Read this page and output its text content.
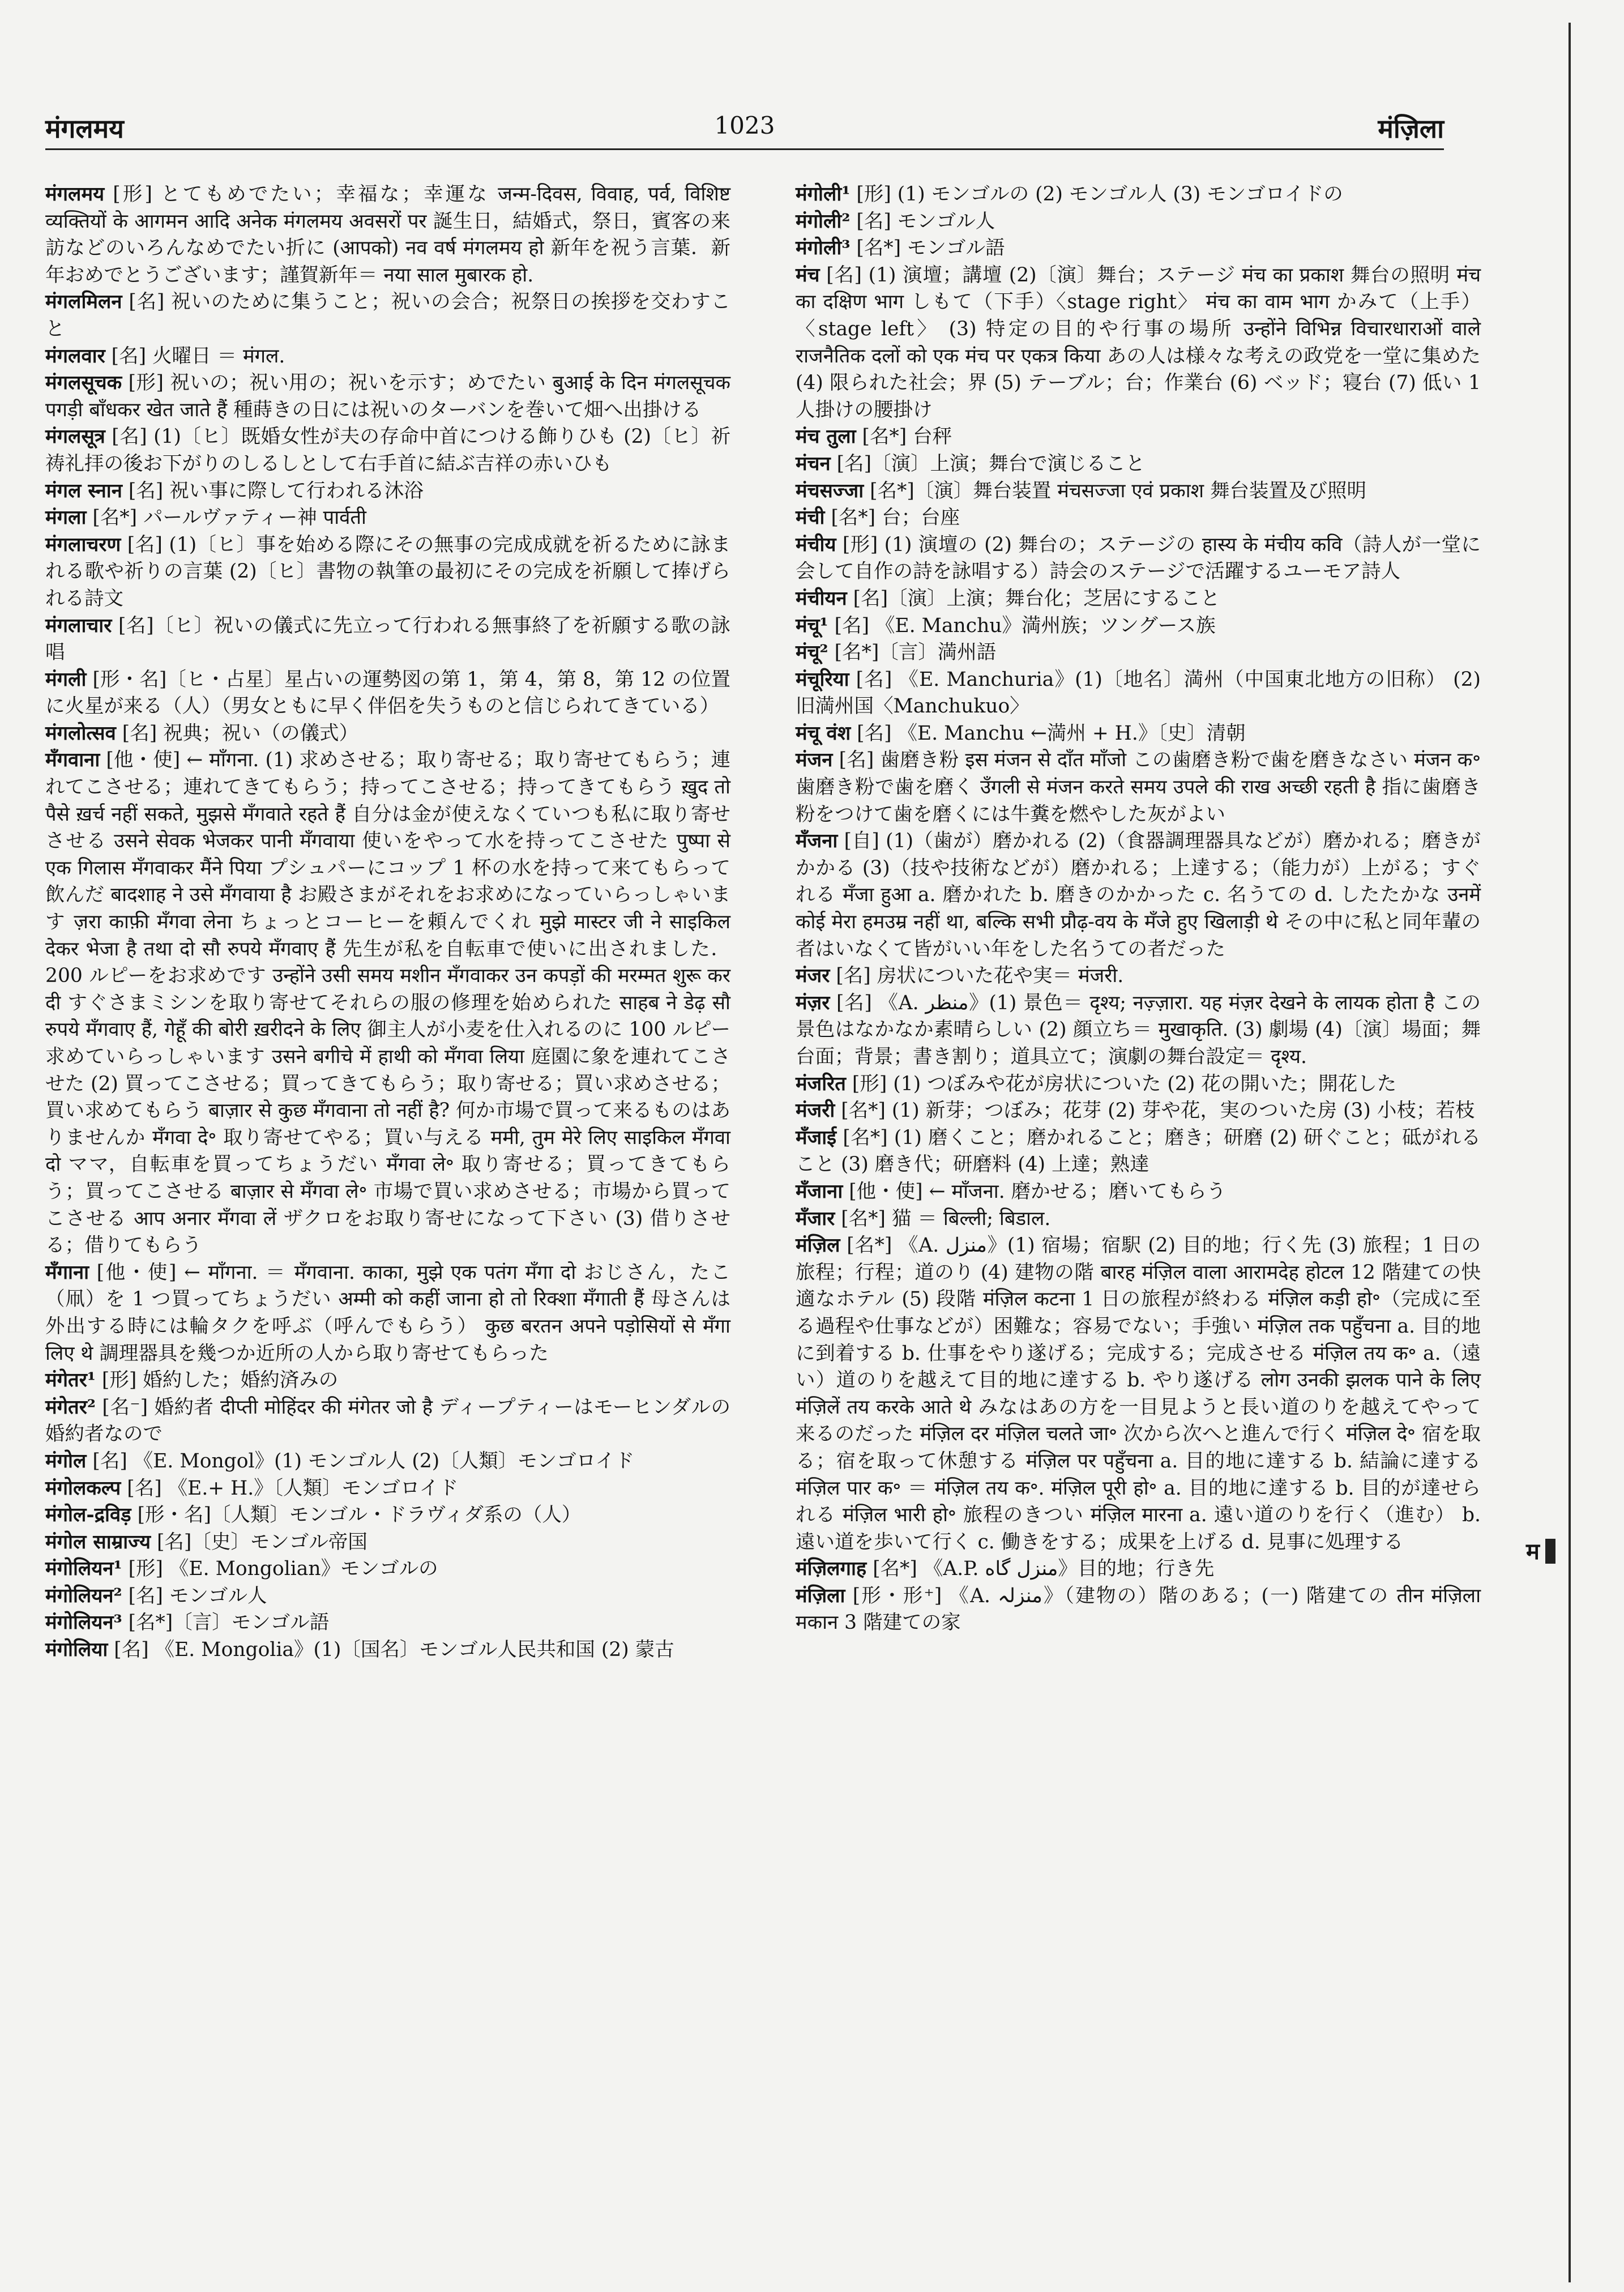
मंगलमय	1023	मंज़िला
मंगलमय [形] とてもめでたい；幸福な；幸運な जन्म-दिवस, विवाह, पर्व, विशिष्ट व्यक्तियों के आगमन आदि अनेक मंगलमय अवसरों पर 誕生日，結婚式，祭日，賓客の来訪などのいろんなめでたい折に (आपको) नव वर्ष मंगलमय हो 新年を祝う言葉．新年おめでとうございます；謹賀新年＝ नया साल मुबारक हो.
मंगलमिलन [名] 祝いのために集うこと；祝いの会合；祝祭日の挨拶を交わすこと
मंगलवार [名] 火曜日 ＝ मंगल.
मंगलसूचक [形] 祝いの；祝い用の；祝いを示す；めでたい बुआई के दिन मंगलसूचक पगड़ी बाँधकर खेत जाते हैं 種蒔きの日には祝いのターバンを巻いて畑へ出掛ける
मंगलसूत्र [名] (1)〔ヒ〕既婚女性が夫の存命中首につける飾りひも (2)〔ヒ〕祈祷礼拝の後お下がりのしるしとして右手首に結ぶ吉祥の赤いひも
मंगल स्नान [名] 祝い事に際して行われる沐浴
मंगला [名*] パールヴァティー神 पार्वती
मंगलाचरण [名] (1)〔ヒ〕事を始める際にその無事の完成成就を祈るために詠まれる歌や祈りの言葉 (2)〔ヒ〕書物の執筆の最初にその完成を祈願して捧げられる詩文
मंगलाचार [名]〔ヒ〕祝いの儀式に先立って行われる無事終了を祈願する歌の詠唱
मंगली [形・名]〔ヒ・占星〕星占いの運勢図の第 1，第 4，第 8，第 12 の位置に火星が来る（人）（男女ともに早く伴侶を失うものと信じられてきている）
मंगलोत्सव [名] 祝典；祝い（の儀式）
मँगवाना [他・使] ← माँगना. (1) 求めさせる；取り寄せる；取り寄せてもらう；連れてこさせる；連れてきてもらう；持ってこさせる；持ってきてもらう ख़ुद तो पैसे ख़र्च नहीं सकते, मुझसे मँगवाते रहते हैं 自分は金が使えなくていつも私に取り寄せさせる उसने सेवक भेजकर पानी मँगवाया 使いをやって水を持ってこさせた पुष्पा से एक गिलास मँगवाकर मैंने पिया プシュパーにコップ 1 杯の水を持って来てもらって飲んだ बादशाह ने उसे मँगवाया है お殿さまがそれをお求めになっていらっしゃいます ज़रा काफ़ी मँगवा लेना ちょっとコーヒーを頼んでくれ मुझे मास्टर जी ने साइकिल देकर भेजा है तथा दो सौ रुपये मँगवाए हैं 先生が私を自転車で使いに出されました．200 ルピーをお求めです उन्होंने उसी समय मशीन मँगवाकर उन कपड़ों की मरम्मत शुरू कर दी すぐさまミシンを取り寄せてそれらの服の修理を始められた साहब ने डेढ़ सौ रुपये मँगवाए हैं, गेहूँ की बोरी ख़रीदने के लिए 御主人が小麦を仕入れるのに 100 ルピー求めていらっしゃいます उसने बगीचे में हाथी को मँगवा लिया 庭園に象を連れてこさせた (2) 買ってこさせる；買ってきてもらう；取り寄せる；買い求めさせる；買い求めてもらう बाज़ार से कुछ मँगवाना तो नहीं है? 何か市場で買って来るものはありませんか मँगवा दे॰ 取り寄せてやる；買い与える ममी, तुम मेरे लिए साइकिल मँगवा दो ママ，自転車を買ってちょうだい मँगवा ले॰ 取り寄せる；買ってきてもらう；買ってこさせる बाज़ार से मँगवा ले॰ 市場で買い求めさせる；市場から買ってこさせる आप अनार मँगवा लें ザクロをお取り寄せになって下さい (3) 借りさせる；借りてもらう
मँगाना [他・使] ← माँगना. ＝ मँगवाना. काका, मुझे एक पतंग मँगा दो おじさん，たこ（凧）を 1 つ買ってちょうだい अम्मी को कहीं जाना हो तो रिक्शा मँगाती हैं 母さんは外出する時には輪タクを呼ぶ（呼んでもらう） कुछ बरतन अपने पड़ोसियों से मँगा लिए थे 調理器具を幾つか近所の人から取り寄せてもらった
मंगेतर¹ [形] 婚約した；婚約済みの
मंगेतर² [名⁻] 婚約者 दीप्ती मोहिंदर की मंगेतर जो है ディープティーはモーヒンダルの婚約者なので
मंगोल [名] 《E. Mongol》(1) モンゴル人 (2)〔人類〕モンゴロイド
मंगोलकल्प [名] 《E.+ H.》〔人類〕モンゴロイド
मंगोल-द्रविड़ [形・名]〔人類〕モンゴル・ドラヴィダ系の（人）
मंगोल साम्राज्य [名]〔史〕モンゴル帝国
मंगोलियन¹ [形] 《E. Mongolian》モンゴルの
मंगोलियन² [名] モンゴル人
मंगोलियन³ [名*]〔言〕モンゴル語
मंगोलिया [名] 《E. Mongolia》(1)〔国名〕モンゴル人民共和国 (2) 蒙古
मंगोली¹ [形] (1) モンゴルの (2) モンゴル人 (3) モンゴロイドの
मंगोली² [名] モンゴル人
मंगोली³ [名*] モンゴル語
मंच [名] (1) 演壇；講壇 (2)〔演〕舞台；ステージ मंच का प्रकाश 舞台の照明 मंच का दक्षिण भाग しもて（下手）〈stage right〉 मंच का वाम भाग かみて（上手）〈stage left〉 (3) 特定の目的や行事の場所 उन्होंने विभिन्न विचारधाराओं वाले राजनैतिक दलों को एक मंच पर एकत्र किया あの人は様々な考えの政党を一堂に集めた (4) 限られた社会；界 (5) テーブル；台；作業台 (6) ベッド；寝台 (7) 低い 1 人掛けの腰掛け
मंच तुला [名*] 台秤
मंचन [名]〔演〕上演；舞台で演じること
मंचसज्जा [名*]〔演〕舞台装置 मंचसज्जा एवं प्रकाश 舞台装置及び照明
मंची [名*] 台；台座
मंचीय [形] (1) 演壇の (2) 舞台の；ステージの हास्य के मंचीय कवि（詩人が一堂に会して自作の詩を詠唱する）詩会のステージで活躍するユーモア詩人
मंचीयन [名]〔演〕上演；舞台化；芝居にすること
मंचू¹ [名] 《E. Manchu》満州族；ツングース族
मंचू² [名*]〔言〕満州語
मंचूरिया [名] 《E. Manchuria》(1)〔地名〕満州（中国東北地方の旧称） (2) 旧満州国〈Manchukuo〉
मंचू वंश [名] 《E. Manchu ←満州 + H.》〔史〕清朝
मंजन [名] 歯磨き粉 इस मंजन से दाँत माँजो この歯磨き粉で歯を磨きなさい मंजन क॰ 歯磨き粉で歯を磨く उँगली से मंजन करते समय उपले की राख अच्छी रहती है 指に歯磨き粉をつけて歯を磨くには牛糞を燃やした灰がよい
मँजना [自] (1)（歯が）磨かれる (2)（食器調理器具などが）磨かれる；磨きがかかる (3)（技や技術などが）磨かれる；上達する；（能力が）上がる；すぐれる मँजा हुआ a. 磨かれた b. 磨きのかかった c. 名うての d. したたかな उनमें कोई मेरा हमउम्र नहीं था, बल्कि सभी प्रौढ़-वय के मँजे हुए खिलाड़ी थे その中に私と同年輩の者はいなくて皆がいい年をした名うての者だった
मंजर [名] 房状についた花や実＝ मंजरी.
मंज़र [名] 《A. منظر》(1) 景色＝ दृश्य; नज़्ज़ारा. यह मंज़र देखने के लायक होता है この景色はなかなか素晴らしい (2) 顔立ち＝ मुखाकृति. (3) 劇場 (4)〔演〕場面；舞台面；背景；書き割り；道具立て；演劇の舞台設定＝ दृश्य.
मंजरित [形] (1) つぼみや花が房状についた (2) 花の開いた；開花した
मंजरी [名*] (1) 新芽；つぼみ；花芽 (2) 芽や花，実のついた房 (3) 小枝；若枝
मँजाई [名*] (1) 磨くこと；磨かれること；磨き；研磨 (2) 研ぐこと；砥がれること (3) 磨き代；研磨料 (4) 上達；熟達
मँजाना [他・使] ← माँजना. 磨かせる；磨いてもらう
मँजार [名*] 猫 ＝ बिल्ली; बिडाल.
मंज़िल [名*] 《A. منزل》(1) 宿場；宿駅 (2) 目的地；行く先 (3) 旅程；1 日の旅程；行程；道のり (4) 建物の階 बारह मंज़िल वाला आरामदेह होटल 12 階建ての快適なホテル (5) 段階 मंज़िल कटना 1 日の旅程が終わる मंज़िल कड़ी हो॰（完成に至る過程や仕事などが）困難な；容易でない；手強い मंज़िल तक पहुँचना a. 目的地に到着する b. 仕事をやり遂げる；完成する；完成させる मंज़िल तय क॰ a.（遠い）道のりを越えて目的地に達する b. やり遂げる लोग उनकी झलक पाने के लिए मंज़िलें तय करके आते थे みなはあの方を一目見ようと長い道のりを越えてやって来るのだった मंज़िल दर मंज़िल चलते जा॰ 次から次へと進んで行く मंज़िल दे॰ 宿を取る；宿を取って休憩する मंज़िल पर पहुँचना a. 目的地に達する b. 結論に達する मंज़िल पार क॰ ＝ मंज़िल तय क॰. मंज़िल पूरी हो॰ a. 目的地に達する b. 目的が達せられる मंज़िल भारी हो॰ 旅程のきつい मंज़िल मारना a. 遠い道のりを行く（進む） b. 遠い道を歩いて行く c. 働きをする；成果を上げる d. 見事に処理する
मंज़िलगाह [名*] 《A.P. منزل گاه》目的地；行き先
मंज़िला [形・形⁺] 《A. منزلہ》（建物の）階のある；(一) 階建ての तीन मंज़िला मकान 3 階建ての家
म
